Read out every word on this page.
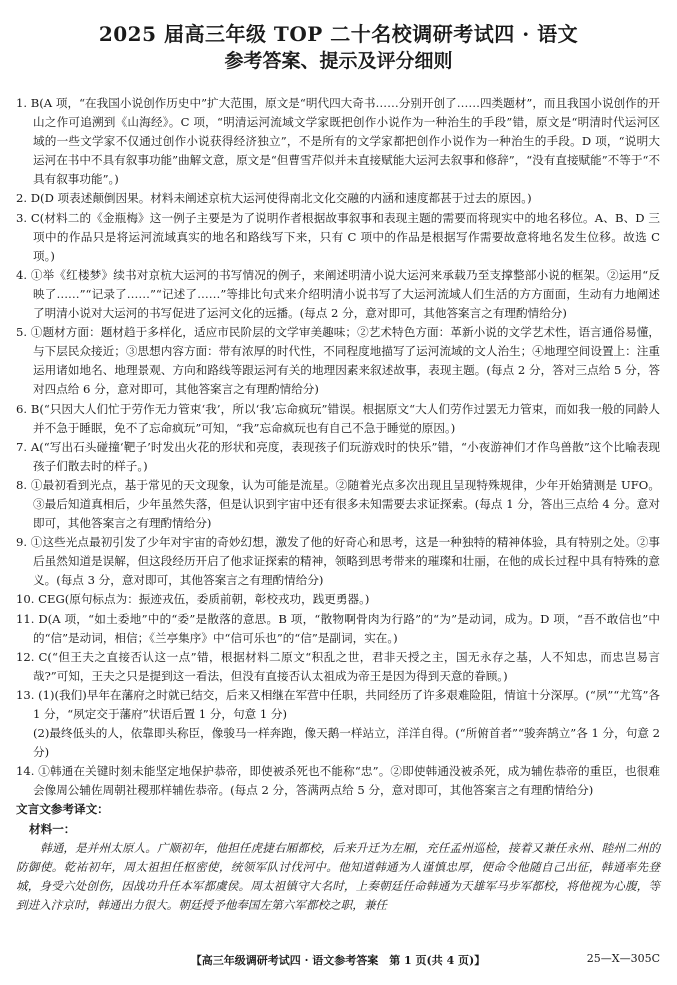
2025 届高三年级 TOP 二十名校调研考试四 · 语文
参考答案、提示及评分细则

1. B(A 项，“在我国小说创作历史中”扩大范围，原文是“明代四大奇书……分别开创了……四类题材”，而且我国小说创作的开山之作可追溯到《山海经》。C 项，“明清运河流域文学家既把创作小说作为一种治生的手段”错，原文是“明清时代运河区域的一些文学家不仅通过创作小说获得经济独立”，不是所有的文学家都把创作小说作为一种治生的手段。D 项，“说明大运河在书中不具有叙事功能”曲解文意，原文是“但曹雪芹似并未直接赋能大运河去叙事和修辞”，“没有直接赋能”不等于“不具有叙事功能”。)

2. D(D 项表述颠倒因果。材料未阐述京杭大运河使得南北文化交融的内涵和速度都甚于过去的原因。)

3. C(材料二的《金瓶梅》这一例子主要是为了说明作者根据故事叙事和表现主题的需要而将现实中的地名移位。A、B、D 三项中的作品只是将运河流域真实的地名和路线写下来，只有 C 项中的作品是根据写作需要故意将地名发生位移。故选 C 项。)

4. ①举《红楼梦》续书对京杭大运河的书写情况的例子，来阐述明清小说大运河来承载乃至支撑整部小说的框架。②运用“反映了……”“记录了……”“记述了……”等排比句式来介绍明清小说书写了大运河流域人们生活的方方面面，生动有力地阐述了明清小说对大运河的书写促进了运河文化的远播。(每点 2 分，意对即可，其他答案言之有理酌情给分)

5. ①题材方面：题材趋于多样化，适应市民阶层的文学审美趣味；②艺术特色方面：革新小说的文学艺术性，语言通俗易懂，与下层民众接近；③思想内容方面：带有浓厚的时代性，不同程度地描写了运河流域的文人治生；④地理空间设置上：注重运用诸如地名、地理景观、方向和路线等跟运河有关的地理因素来叙述故事，表现主题。(每点 2 分，答对三点给 5 分，答对四点给 6 分，意对即可，其他答案言之有理酌情给分)

6. B(“只因大人们忙于劳作无力管束‘我’，所以‘我’忘命疯玩”错误。根据原文“大人们劳作过罢无力管束，而如我一般的同龄人并不急于睡眠，免不了忘命疯玩”可知，“我”忘命疯玩也有自己不急于睡觉的原因。)

7. A(“写出石头碰撞‘靶子’时发出火花的形状和亮度，表现孩子们玩游戏时的快乐”错，“小夜游神们才作鸟兽散”这个比喻表现孩子们散去时的样子。)

8. ①最初看到光点，基于常见的天文现象，认为可能是流星。②随着光点多次出现且呈现特殊规律，少年开始猜测是 UFO。③最后知道真相后，少年虽然失落，但是认识到宇宙中还有很多未知需要去求证探索。(每点 1 分，答出三点给 4 分。意对即可，其他答案言之有理酌情给分)

9. ①这些光点最初引发了少年对宇宙的奇妙幻想，激发了他的好奇心和思考，这是一种独特的精神体验，具有特别之处。②事后虽然知道是误解，但这段经历开启了他求证探索的精神，领略到思考带来的璀璨和壮丽，在他的成长过程中具有特殊的意义。(每点 3 分，意对即可，其他答案言之有理酌情给分)

10. CEG(原句标点为：振迹戎伍，委质前朝，彰校戎功，践更勇器。)

11. D(A 项，“如土委地”中的“委”是散落的意思。B 项，“散物啊骨肉为行路”的“为”是动词，成为。D 项，“吾不敢信也”中的“信”是动词，相信；《兰亭集序》中“信可乐也”的“信”是副词，实在。)

12. C(“但王夫之直接否认这一点”错，根据材料二原文“积乱之世，君非天授之主，国无永存之基，人不知忠，而忠岂易言哉?”可知，王夫之只是提到这一看法，但没有直接否认太祖成为帝王是因为得到天意的眷顾。)

13. (1)(我们)早年在藩府之时就已结交，后来又相继在军营中任职，共同经历了许多艰难险阻，情谊十分深厚。(“夙”“尤笃”各 1 分，“夙定交于藩府”状语后置 1 分，句意 1 分)

(2)最终低头的人，依靠即头称臣，像骏马一样奔跑，像天鹅一样站立，洋洋自得。(“所俯首者”“骏奔鹄立”各 1 分，句意 2 分)

14. ①韩通在关键时刻未能坚定地保护恭帝，即使被杀死也不能称“忠”。②即使韩通没被杀死，成为辅佐恭帝的重臣，也很难会像周公辅佐周朝社稷那样辅佐恭帝。(每点 2 分，答满两点给 5 分，意对即可，其他答案言之有理酌情给分)

文言文参考译文：

材料一：

韩通，是并州太原人。广顺初年，他担任虎捷右厢都校，后来升迁为左厢，充任孟州巡检，接着又兼任永州、睦州二州的防御使。乾祐初年，周太祖担任枢密使，统领军队讨伐河中。他知道韩通为人谨慎忠厚，便命令他随自己出征，韩通率先登城，身受六处创伤，因战功升任本军都虞侯。周太祖镇守大名时，上奏朝廷任命韩通为天雄军马步军都校，将他视为心腹，等到进入汴京时，韩通出力很大。朝廷授予他奉国左第六军都校之职，兼任

【高三年级调研考试四 · 语文参考答案　第 1 页(共 4 页)】	25—X—305C
